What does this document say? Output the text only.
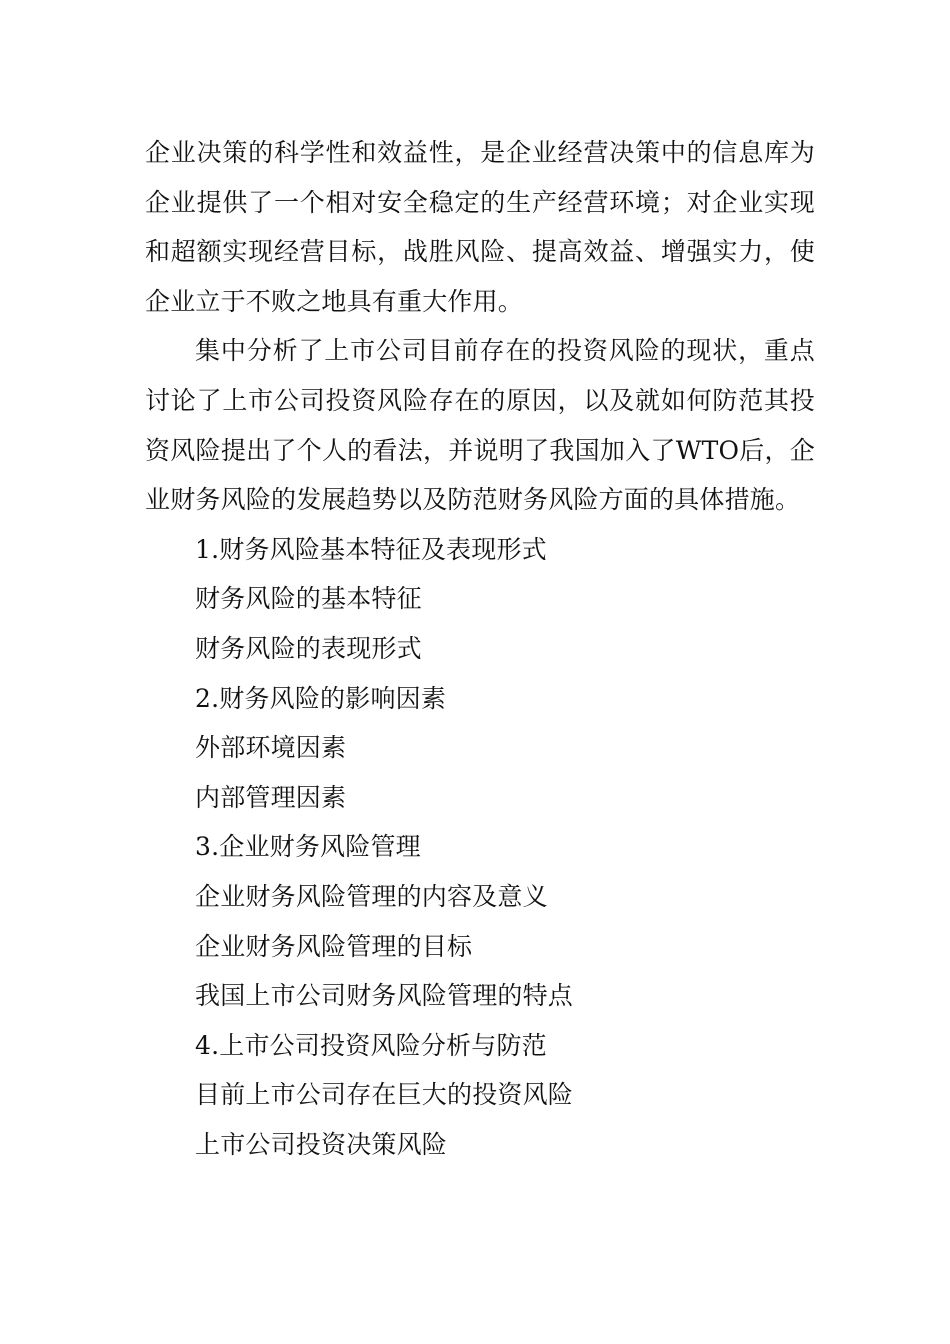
企业决策的科学性和效益性，是企业经营决策中的信息库为企业提供了一个相对安全稳定的生产经营环境；对企业实现和超额实现经营目标，战胜风险、提高效益、增强实力，使企业立于不败之地具有重大作用。

集中分析了上市公司目前存在的投资风险的现状，重点讨论了上市公司投资风险存在的原因，以及就如何防范其投资风险提出了个人的看法，并说明了我国加入了WTO后，企业财务风险的发展趋势以及防范财务风险方面的具体措施。

1.财务风险基本特征及表现形式

财务风险的基本特征

财务风险的表现形式

2.财务风险的影响因素

外部环境因素

内部管理因素

3.企业财务风险管理

企业财务风险管理的内容及意义

企业财务风险管理的目标

我国上市公司财务风险管理的特点

4.上市公司投资风险分析与防范

目前上市公司存在巨大的投资风险

上市公司投资决策风险
